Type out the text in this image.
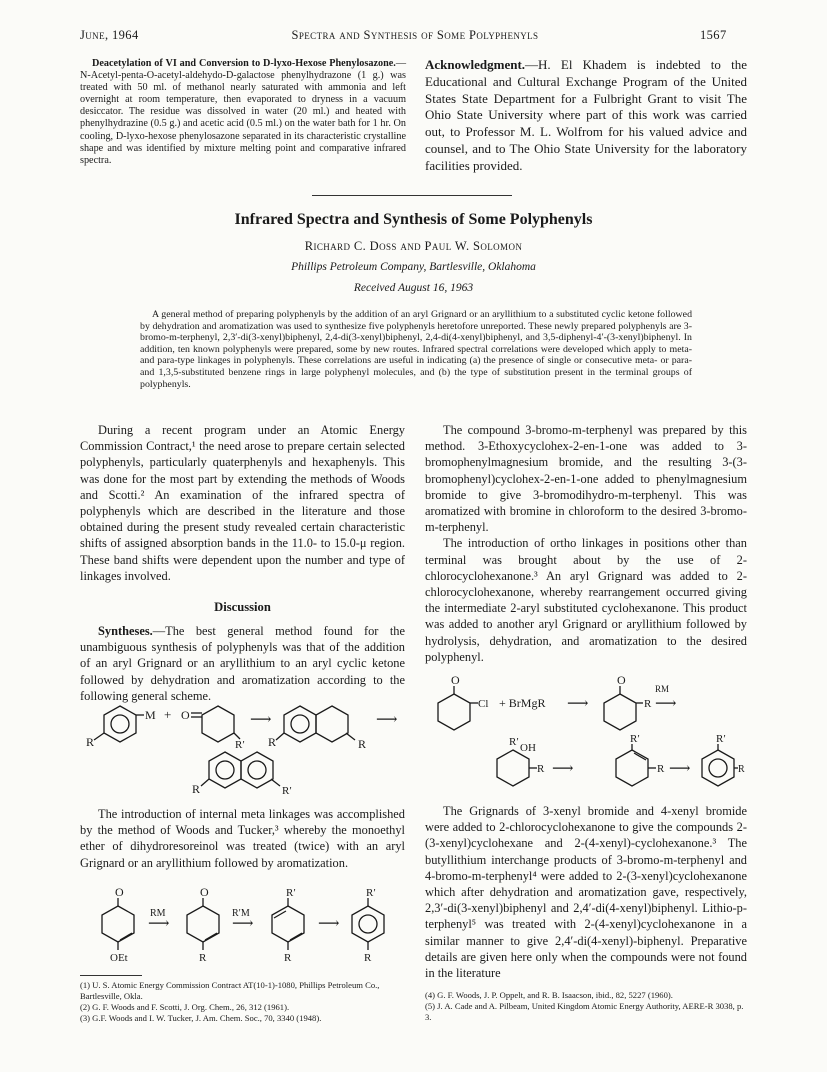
June, 1964	Spectra and Synthesis of Some Polyphenyls	1567

Deacetylation of VI and Conversion to D-lyxo-Hexose Phenylosazone.—N-Acetyl-penta-O-acetyl-aldehydo-D-galactose phenylhydrazone (1 g.) was treated with 50 ml. of methanol nearly saturated with ammonia and left overnight at room temperature, then evaporated to dryness in a vacuum desiccator. The residue was dissolved in water (20 ml.) and heated with phenylhydrazine (0.5 g.) and acetic acid (0.5 ml.) on the water bath for 1 hr. On cooling, D-lyxo-hexose phenylosazone separated in its characteristic crystalline shape and was identified by mixture melting point and comparative infrared spectra.

Acknowledgment.—H. El Khadem is indebted to the Educational and Cultural Exchange Program of the United States State Department for a Fulbright Grant to visit The Ohio State University where part of this work was carried out, to Professor M. L. Wolfrom for his valued advice and counsel, and to The Ohio State University for the laboratory facilities provided.

Infrared Spectra and Synthesis of Some Polyphenyls
Richard C. Doss and Paul W. Solomon
Phillips Petroleum Company, Bartlesville, Oklahoma
Received August 16, 1963

A general method of preparing polyphenyls by the addition of an aryl Grignard or an aryllithium to a substituted cyclic ketone followed by dehydration and aromatization was used to synthesize five polyphenyls heretofore unreported. These newly prepared polyphenyls are 3-bromo-m-terphenyl, 2,3′-di(3-xenyl)biphenyl, 2,4-di(3-xenyl)biphenyl, 2,4-di(4-xenyl)biphenyl, and 3,5-diphenyl-4′-(3-xenyl)biphenyl. In addition, ten known polyphenyls were prepared, some by new routes. Infrared spectral correlations were developed which apply to meta- and para-type linkages in polyphenyls. These correlations are useful in indicating (a) the presence of single or consecutive meta- or para- and 1,3,5-substituted benzene rings in large polyphenyl molecules, and (b) the type of substitution present in the terminal groups of polyphenyls.

During a recent program under an Atomic Energy Commission Contract,¹ the need arose to prepare certain selected polyphenyls, particularly quaterphenyls and hexaphenyls. This was done for the most part by extending the methods of Woods and Scotti.² An examination of the infrared spectra of polyphenyls which are described in the literature and those obtained during the present study revealed certain characteristic shifts of assigned absorption bands in the 11.0- to 15.0-μ region. These band shifts were dependent upon the number and type of linkages involved.

Discussion

Syntheses.—The best general method found for the unambiguous synthesis of polyphenyls was that of the addition of an aryl Grignard or an aryllithium to an aryl cyclic ketone followed by dehydration and aromatization according to the following general scheme.

M
R
+ O
R′
⟶
R	R
⟶
R	R′

The introduction of internal meta linkages was accomplished by the method of Woods and Tucker,³ whereby the monoethyl ether of dihydroresoreinol was treated (twice) with an aryl Grignard or an aryllithium followed by aromatization.

O
OEt
RM
⟶
O
R
R′M
⟶
R′
R
⟶
R′
R
(1) U. S. Atomic Energy Commission Contract AT(10-1)-1080, Phillips Petroleum Co., Bartlesville, Okla.
(2) G. F. Woods and F. Scotti, J. Org. Chem., 26, 312 (1961).
(3) G.F. Woods and I. W. Tucker, J. Am. Chem. Soc., 70, 3340 (1948).

The compound 3-bromo-m-terphenyl was prepared by this method. 3-Ethoxycyclohex-2-en-1-one was added to 3-bromophenylmagnesium bromide, and the resulting 3-(3-bromophenyl)cyclohex-2-en-1-one added to phenylmagnesium bromide to give 3-bromodihydro-m-terphenyl. This was aromatized with bromine in chloroform to the desired 3-bromo-m-terphenyl.

The introduction of ortho linkages in positions other than terminal was brought about by the use of 2-chlorocyclohexanone.³ An aryl Grignard was added to 2-chlorocyclohexanone, whereby rearrangement occurred giving the intermediate 2-aryl substituted cyclohexanone. This product was added to another aryl Grignard or aryllithium followed by hydrolysis, dehydration, and aromatization to the desired polyphenyl.

O
Cl + BrMgR ⟶
O
R
RM
⟶
R′ OH
R ⟶
R′
R ⟶
R′
R

The Grignards of 3-xenyl bromide and 4-xenyl bromide were added to 2-chlorocyclohexanone to give the compounds 2-(3-xenyl)cyclohexane and 2-(4-xenyl)-cyclohexanone.³ The butyllithium interchange products of 3-bromo-m-terphenyl and 4-bromo-m-terphenyl⁴ were added to 2-(3-xenyl)cyclohexanone which after dehydration and aromatization gave, respectively, 2,3′-di(3-xenyl)biphenyl and 2,4′-di(4-xenyl)biphenyl. Lithio-p-terphenyl⁵ was treated with 2-(4-xenyl)cyclohexanone in a similar manner to give 2,4′-di(4-xenyl)-biphenyl. Preparative details are given here only when the compounds were not found in the literature

(4) G. F. Woods, J. P. Oppelt, and R. B. Isaacson, ibid., 82, 5227 (1960).
(5) J. A. Cade and A. Pilbeam, United Kingdom Atomic Energy Authority, AERE-R 3038, p. 3.
